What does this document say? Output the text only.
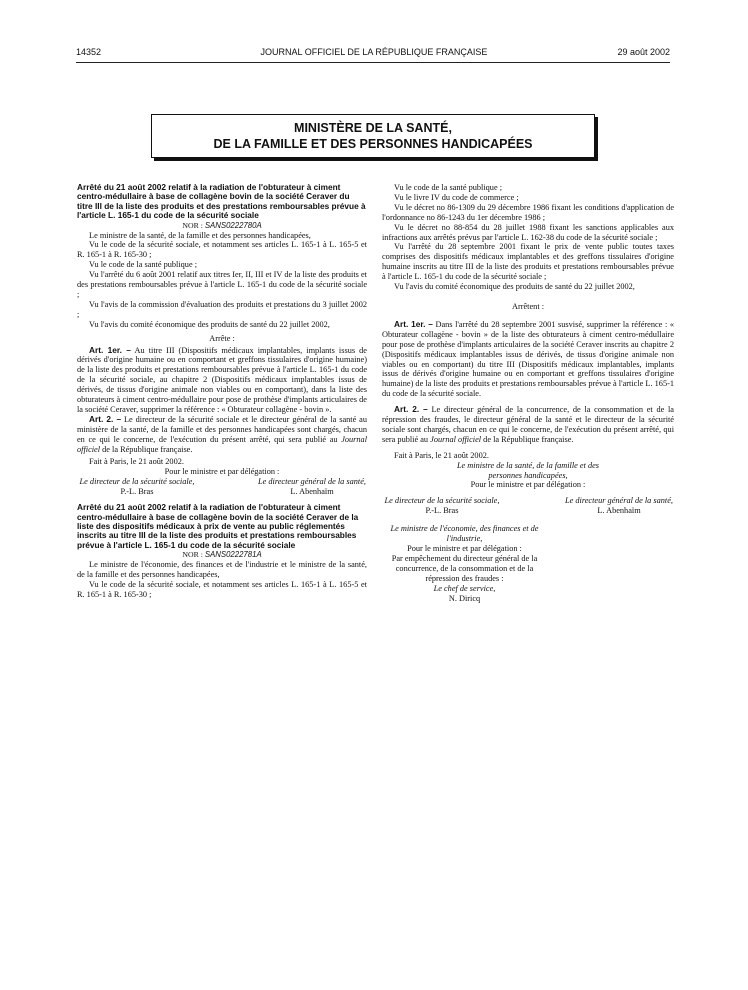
14352	JOURNAL OFFICIEL DE LA RÉPUBLIQUE FRANÇAISE	29 août 2002
MINISTÈRE DE LA SANTÉ,
DE LA FAMILLE ET DES PERSONNES HANDICAPÉES

Arrêté du 21 août 2002 relatif à la radiation de l'obturateur à ciment centro-médullaire à base de collagène bovin de la société Ceraver du titre III de la liste des produits et des prestations remboursables prévue à l'article L. 165-1 du code de la sécurité sociale

NOR : SANS0222780A

Le ministre de la santé, de la famille et des personnes handicapées,

Vu le code de la sécurité sociale, et notamment ses articles L. 165-1 à L. 165-5 et R. 165-1 à R. 165-30 ;

Vu le code de la santé publique ;

Vu l'arrêté du 6 août 2001 relatif aux titres Ier, II, III et IV de la liste des produits et des prestations remboursables prévue à l'article L. 165-1 du code de la sécurité sociale ;

Vu l'avis de la commission d'évaluation des produits et prestations du 3 juillet 2002 ;

Vu l'avis du comité économique des produits de santé du 22 juillet 2002,

Arrête :

Art. 1er. – Au titre III (Dispositifs médicaux implantables, implants issus de dérivés d'origine humaine ou en comportant et greffons tissulaires d'origine humaine) de la liste des produits et prestations remboursables prévue à l'article L. 165-1 du code de la sécurité sociale, au chapitre 2 (Dispositifs médicaux implantables issus de dérivés, de tissus d'origine animale non viables ou en comportant), dans la liste des obturateurs à ciment centro-médullaire pour pose de prothèse d'implants articulaires de la société Ceraver, supprimer la référence : « Obturateur collagène - bovin ».

Art. 2. – Le directeur de la sécurité sociale et le directeur général de la santé au ministère de la santé, de la famille et des personnes handicapées sont chargés, chacun en ce qui le concerne, de l'exécution du présent arrêté, qui sera publié au Journal officiel de la République française.

Fait à Paris, le 21 août 2002.

Pour le ministre et par délégation :

Le directeur de la sécurité sociale,
P.-L. Bras
Le directeur général de la santé,
L. Abenhaïm

Arrêté du 21 août 2002 relatif à la radiation de l'obturateur à ciment centro-médullaire à base de collagène bovin de la société Ceraver de la liste des dispositifs médicaux à prix de vente au public réglementés inscrits au titre III de la liste des produits et prestations remboursables prévue à l'article L. 165-1 du code de la sécurité sociale

NOR : SANS0222781A

Le ministre de l'économie, des finances et de l'industrie et le ministre de la santé, de la famille et des personnes handicapées,

Vu le code de la sécurité sociale, et notamment ses articles L. 165-1 à L. 165-5 et R. 165-1 à R. 165-30 ;

Vu le code de la santé publique ;

Vu le livre IV du code de commerce ;

Vu le décret no 86-1309 du 29 décembre 1986 fixant les conditions d'application de l'ordonnance no 86-1243 du 1er décembre 1986 ;

Vu le décret no 88-854 du 28 juillet 1988 fixant les sanctions applicables aux infractions aux arrêtés prévus par l'article L. 162-38 du code de la sécurité sociale ;

Vu l'arrêté du 28 septembre 2001 fixant le prix de vente public toutes taxes comprises des dispositifs médicaux implantables et des greffons tissulaires d'origine humaine inscrits au titre III de la liste des produits et prestations remboursables prévue à l'article L. 165-1 du code de la sécurité sociale ;

Vu l'avis du comité économique des produits de santé du 22 juillet 2002,

Arrêtent :

Art. 1er. – Dans l'arrêté du 28 septembre 2001 susvisé, supprimer la référence : « Obturateur collagène - bovin » de la liste des obturateurs à ciment centro-médullaire pour pose de prothèse d'implants articulaires de la société Ceraver inscrits au chapitre 2 (Dispositifs médicaux implantables issus de dérivés, de tissus d'origine animale non viables ou en comportant) du titre III (Dispositifs médicaux implantables, implants issus de dérivés d'origine humaine ou en comportant et greffons tissulaires d'origine humaine) de la liste des produits et prestations remboursables prévue à l'article L. 165-1 du code de la sécurité sociale.

Art. 2. – Le directeur général de la concurrence, de la consommation et de la répression des fraudes, le directeur général de la santé et le directeur de la sécurité sociale sont chargés, chacun en ce qui le concerne, de l'exécution du présent arrêté, qui sera publié au Journal officiel de la République française.

Fait à Paris, le 21 août 2002.

Le ministre de la santé, de la famille et des personnes handicapées,

Pour le ministre et par délégation :

Le directeur de la sécurité sociale,
P.-L. Bras
Le directeur général de la santé,
L. Abenhaïm
Le ministre de l'économie, des finances et de l'industrie,
Pour le ministre et par délégation :
Par empêchement du directeur général de la concurrence, de la consommation et de la répression des fraudes :
Le chef de service,
N. Diricq
